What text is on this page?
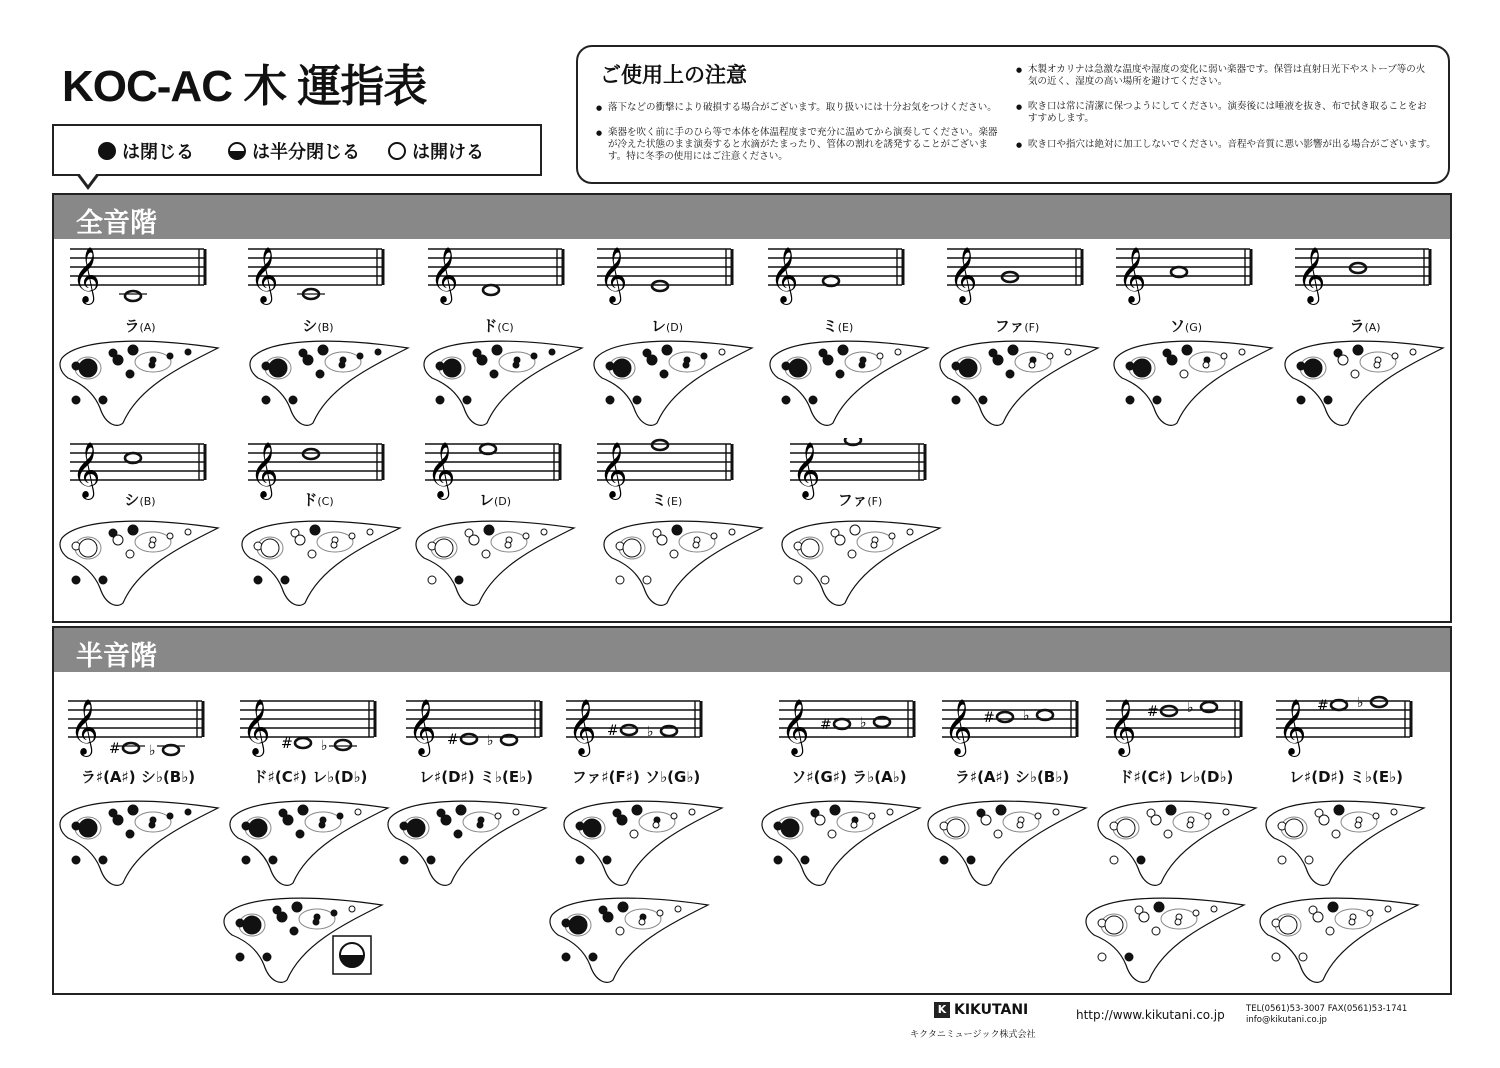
KOC-AC 木 運指表
は閉じる	は半分閉じる	は開ける
ご使用上の注意
● 落下などの衝撃により破損する場合がございます。取り扱いには十分お気をつけください。
● 楽器を吹く前に手のひら等で本体を体温程度まで充分に温めてから演奏してください。楽器が冷えた状態のまま演奏すると水滴がたまったり、管体の割れを誘発することがございます。特に冬季の使用にはご注意ください。
● 木製オカリナは急激な温度や湿度の変化に弱い楽器です。保管は直射日光下やストーブ等の火気の近く、湿度の高い場所を避けてください。
● 吹き口は常に清潔に保つようにしてください。演奏後には唾液を抜き、布で拭き取ることをおすすめします。
● 吹き口や指穴は絶対に加工しないでください。音程や音質に悪い影響が出る場合がございます。
全音階
半音階
𝄞
ラ(A)
𝄞
シ(B)
𝄞
ド(C)
𝄞
レ(D)
𝄞
ミ(E)
𝄞
ファ(F)
𝄞
ソ(G)
𝄞
ラ(A)
𝄞
シ(B)
𝄞
ド(C)
𝄞
レ(D)
𝄞
ミ(E)
𝄞
ファ(F)
𝄞 # ♭
ラ♯(A♯) シ♭(B♭)
𝄞 # ♭
ド♯(C♯) レ♭(D♭)
𝄞 # ♭
レ♯(D♯) ミ♭(E♭)
𝄞 # ♭
ファ♯(F♯) ソ♭(G♭)
𝄞 # ♭
ソ♯(G♯) ラ♭(A♭)
𝄞 # ♭
ラ♯(A♯) シ♭(B♭)
𝄞 # ♭
ド♯(C♯) レ♭(D♭)
𝄞 # ♭
レ♯(D♯) ミ♭(E♭)
K KIKUTANI
キクタニミュージック株式会社
http://www.kikutani.co.jp	TEL(0561)53-3007 FAX(0561)53-1741
info@kikutani.co.jp
